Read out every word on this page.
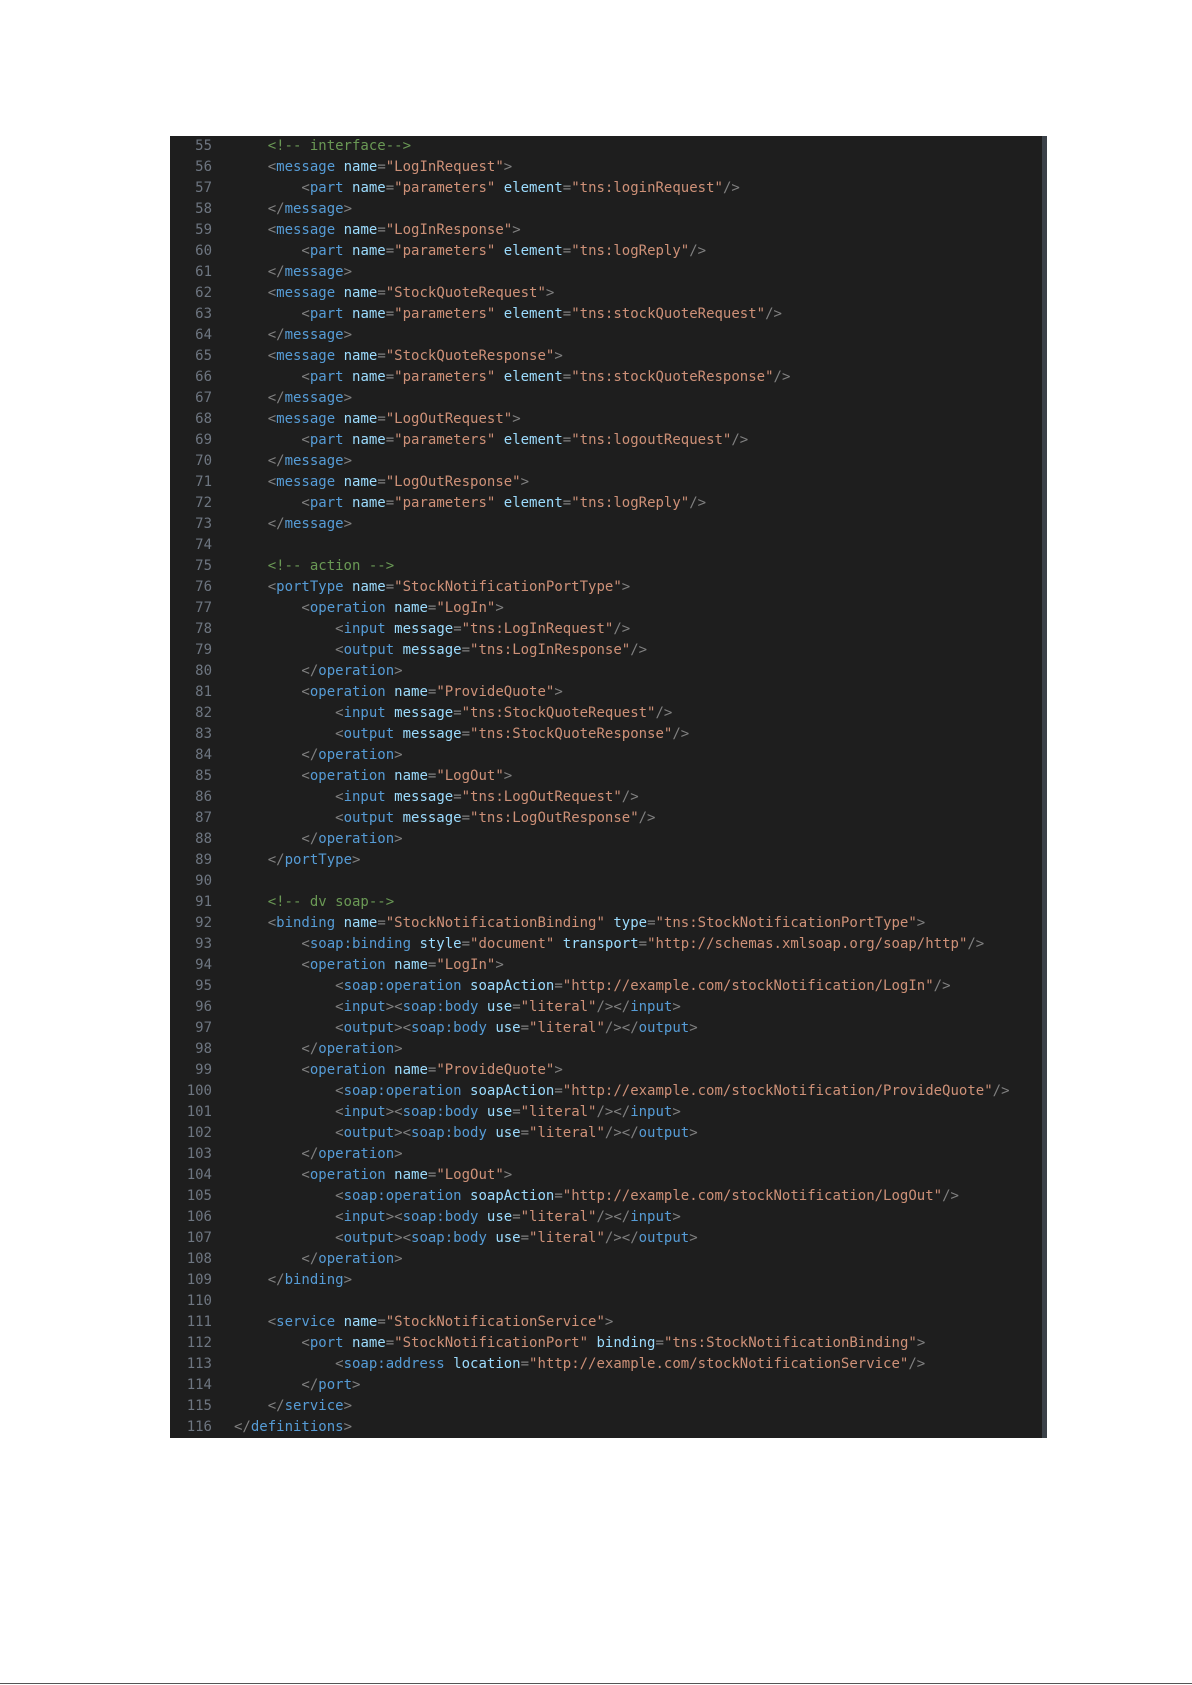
55	<!-- interface-->
56	<message name="LogInRequest">
57	<part name="parameters" element="tns:loginRequest"/>
58	</message>
59	<message name="LogInResponse">
60	<part name="parameters" element="tns:logReply"/>
61	</message>
62	<message name="StockQuoteRequest">
63	<part name="parameters" element="tns:stockQuoteRequest"/>
64	</message>
65	<message name="StockQuoteResponse">
66	<part name="parameters" element="tns:stockQuoteResponse"/>
67	</message>
68	<message name="LogOutRequest">
69	<part name="parameters" element="tns:logoutRequest"/>
70	</message>
71	<message name="LogOutResponse">
72	<part name="parameters" element="tns:logReply"/>
73	</message>
74
75	<!-- action -->
76	<portType name="StockNotificationPortType">
77	<operation name="LogIn">
78	<input message="tns:LogInRequest"/>
79	<output message="tns:LogInResponse"/>
80	</operation>
81	<operation name="ProvideQuote">
82	<input message="tns:StockQuoteRequest"/>
83	<output message="tns:StockQuoteResponse"/>
84	</operation>
85	<operation name="LogOut">
86	<input message="tns:LogOutRequest"/>
87	<output message="tns:LogOutResponse"/>
88	</operation>
89	</portType>
90
91	<!-- dv soap-->
92	<binding name="StockNotificationBinding" type="tns:StockNotificationPortType">
93	<soap:binding style="document" transport="http://schemas.xmlsoap.org/soap/http"/>
94	<operation name="LogIn">
95	<soap:operation soapAction="http://example.com/stockNotification/LogIn"/>
96	<input><soap:body use="literal"/></input>
97	<output><soap:body use="literal"/></output>
98	</operation>
99	<operation name="ProvideQuote">
100	<soap:operation soapAction="http://example.com/stockNotification/ProvideQuote"/>
101	<input><soap:body use="literal"/></input>
102	<output><soap:body use="literal"/></output>
103	</operation>
104	<operation name="LogOut">
105	<soap:operation soapAction="http://example.com/stockNotification/LogOut"/>
106	<input><soap:body use="literal"/></input>
107	<output><soap:body use="literal"/></output>
108	</operation>
109	</binding>
110
111	<service name="StockNotificationService">
112	<port name="StockNotificationPort" binding="tns:StockNotificationBinding">
113	<soap:address location="http://example.com/stockNotificationService"/>
114	</port>
115	</service>
116 </definitions>
